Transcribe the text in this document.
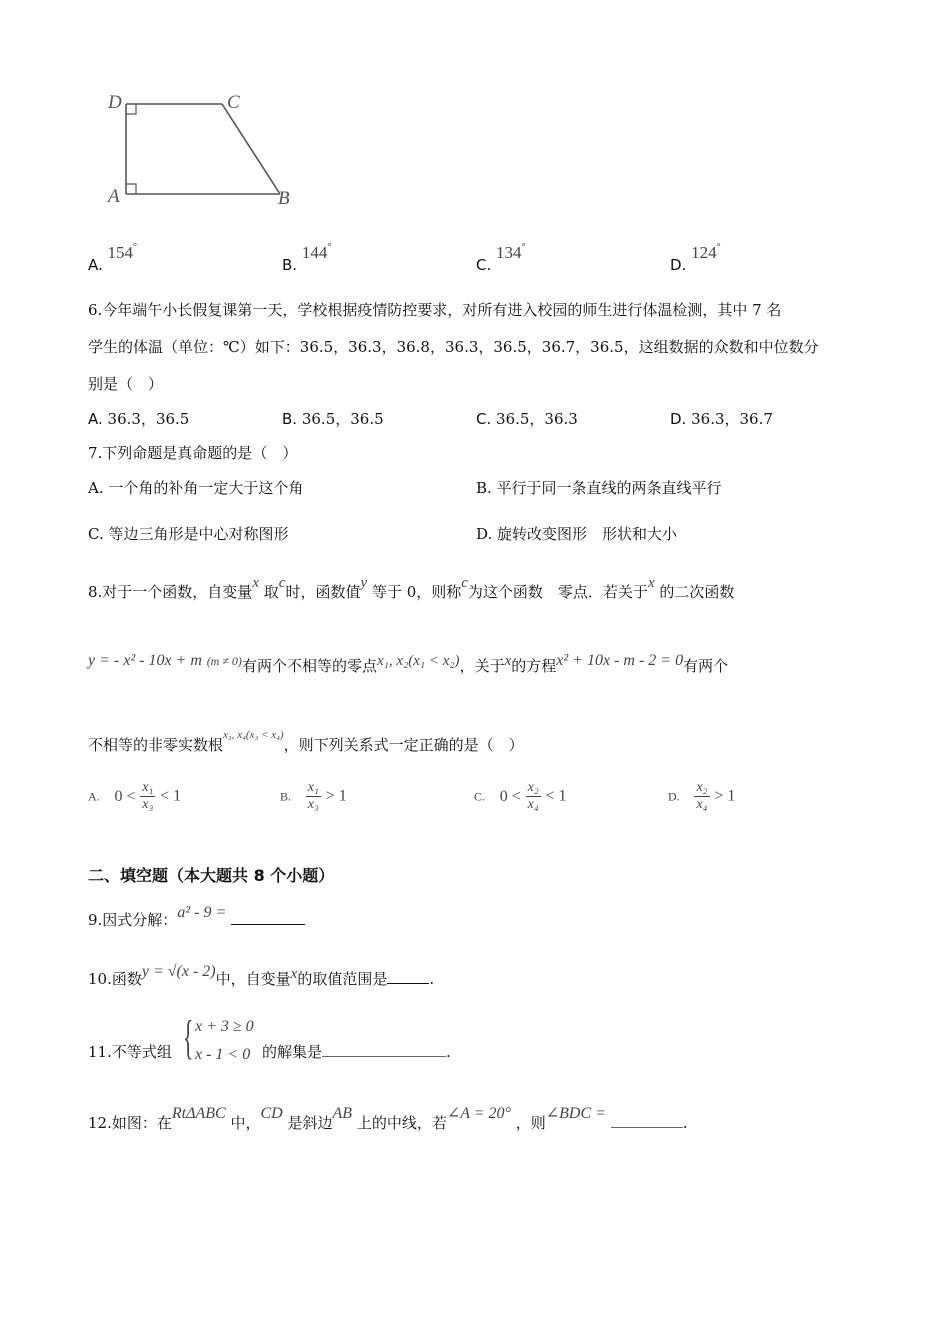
D	C
A	B
A. 154°
B. 144°
C. 134°
D. 124°
6.今年端午小长假复课第一天，学校根据疫情防控要求，对所有进入校园的师生进行体温检测，其中 7 名
学生的体温（单位：℃）如下：36.5，36.3，36.8，36.3，36.5，36.7，36.5，这组数据的众数和中位数分
别是（　）
A. 36.3，36.5	B. 36.5，36.5	C. 36.5，36.3	D. 36.3，36.7
7.下列命题是真命题的是（　）
A. 一个角的补角一定大于这个角	B. 平行于同一条直线的两条直线平行
C. 等边三角形是中心对称图形	D. 旋转改变图形　形状和大小
8.对于一个函数，自变量x 取c时，函数值y 等于 0，则称c为这个函数　零点．若关于x 的二次函数
y = - x² - 10x + m $^{(m \ne 0)}$有两个不相等的零点x₁, x₂(x₁ < x₂)，关于x的方程x² + 10x - m - 2 = 0有两个
不相等的非零实数根$^{x_3, x_4(x_3 < x_4)}$，则下列关系式一定正确的是（　）
A. $0 < \frac{\text{x₁}}{\text{x₃}} < 1$	B. $\frac{\text{x₁}}{\text{x₃}} > 1$	C. $0 < \frac{\text{x₂}}{\text{x₄}} < 1$	D. $\frac{\text{x₂}}{\text{x₄}} > 1$
二、填空题（本大题共 8 个小题）
9.因式分解：a² - 9 =
10.函数y = √(x - 2)中，自变量x的取值范围是	.
11.不等式组 { x + 3 ≥ 0
x - 1 < 0 的解集是	.
12.如图：在RtΔABC 中，CD 是斜边AB 上的中线，若∠A = 20° ，则∠BDC = .
